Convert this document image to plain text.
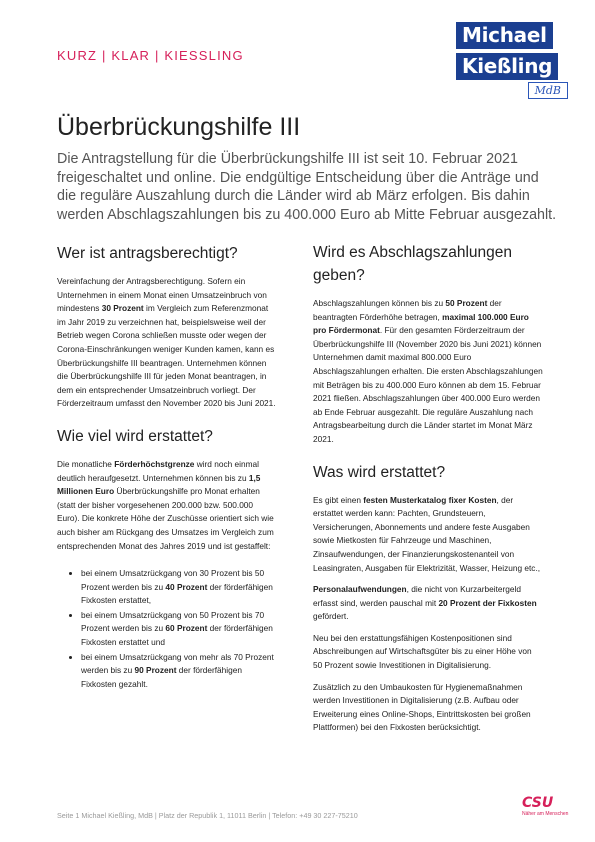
KURZ | KLAR | KIESSLING
Michael
Kießling
MdB
Überbrückungshilfe III

Die Antragstellung für die Überbrückungshilfe III ist seit 10. Februar 2021 freigeschaltet und online. Die endgültige Entscheidung über die Anträge und die reguläre Auszahlung durch die Länder wird ab März erfolgen. Bis dahin werden Abschlagszahlungen bis zu 400.000 Euro ab Mitte Februar ausgezahlt.

Wer ist antragsberechtigt?

Vereinfachung der Antragsberechtigung. Sofern ein Unternehmen in einem Monat einen Umsatzeinbruch von mindestens 30 Prozent im Vergleich zum Referenzmonat im Jahr 2019 zu verzeichnen hat, beispielsweise weil der Betrieb wegen Corona schließen musste oder wegen der Corona-Einschränkungen weniger Kunden kamen, kann es Überbrückungshilfe III beantragen. Unternehmen können die Überbrückungshilfe III für jeden Monat beantragen, in dem ein entsprechender Umsatzeinbruch vorliegt. Der Förderzeitraum umfasst den November 2020 bis Juni 2021.

Wie viel wird erstattet?

Die monatliche Förderhöchstgrenze wird noch einmal deutlich heraufgesetzt. Unternehmen können bis zu 1,5 Millionen Euro Überbrückungshilfe pro Monat erhalten (statt der bisher vorgesehenen 200.000 bzw. 500.000 Euro). Die konkrete Höhe der Zuschüsse orientiert sich wie auch bisher am Rückgang des Umsatzes im Vergleich zum entsprechenden Monat des Jahres 2019 und ist gestaffelt:

• bei einem Umsatzrückgang von 30 Prozent bis 50 Prozent werden bis zu 40 Prozent der förderfähigen Fixkosten erstattet,
• bei einem Umsatzrückgang von 50 Prozent bis 70 Prozent werden bis zu 60 Prozent der förderfähigen Fixkosten erstattet und
• bei einem Umsatzrückgang von mehr als 70 Prozent werden bis zu 90 Prozent der förderfähigen Fixkosten gezahlt.
Wird es Abschlagszahlungen geben?

Abschlagszahlungen können bis zu 50 Prozent der beantragten Förderhöhe betragen, maximal 100.000 Euro pro Fördermonat. Für den gesamten Förderzeitraum der Überbrückungshilfe III (November 2020 bis Juni 2021) können Unternehmen damit maximal 800.000 Euro Abschlagszahlungen erhalten. Die ersten Abschlagszahlungen mit Beträgen bis zu 400.000 Euro können ab dem 15. Februar 2021 fließen. Abschlagszahlungen über 400.000 Euro werden ab Ende Februar ausgezahlt. Die reguläre Auszahlung nach Antragsbearbeitung durch die Länder startet im Monat März 2021.

Was wird erstattet?

Es gibt einen festen Musterkatalog fixer Kosten, der erstattet werden kann: Pachten, Grundsteuern, Versicherungen, Abonnements und andere feste Ausgaben sowie Mietkosten für Fahrzeuge und Maschinen, Zinsaufwendungen, der Finanzierungskostenanteil von Leasingraten, Ausgaben für Elektrizität, Wasser, Heizung etc.,

Personalaufwendungen, die nicht von Kurzarbeitergeld erfasst sind, werden pauschal mit 20 Prozent der Fixkosten gefördert.

Neu bei den erstattungsfähigen Kostenpositionen sind Abschreibungen auf Wirtschaftsgüter bis zu einer Höhe von 50 Prozent sowie Investitionen in Digitalisierung.

Zusätzlich zu den Umbaukosten für Hygienemaßnahmen werden Investitionen in Digitalisierung (z.B. Aufbau oder Erweiterung eines Online-Shops, Eintrittskosten bei großen Plattformen) bei den Fixkosten berücksichtigt.

Seite 1 Michael Kießling, MdB | Platz der Republik 1, 11011 Berlin | Telefon: +49 30 227-75210
CSU
Näher am Menschen
